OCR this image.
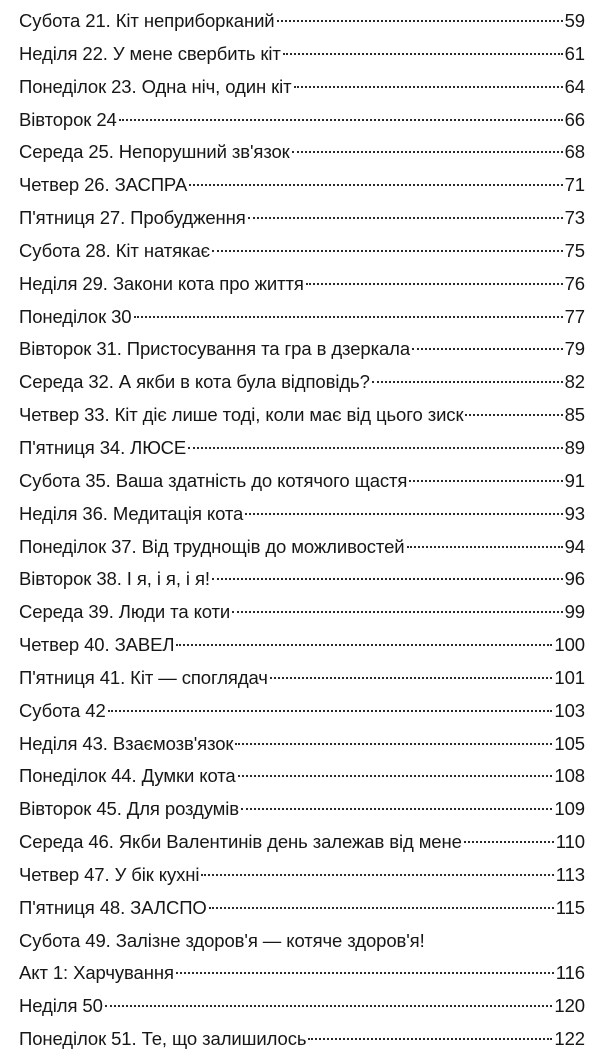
Субота 21. Кіт неприборканий	59
Неділя 22. У мене свербить кіт	61
Понеділок 23. Одна ніч, один кіт	64
Вівторок 24	66
Середа 25. Непорушний зв'язок	68
Четвер 26. ЗАСПРА	71
П'ятниця 27. Пробудження	73
Субота 28. Кіт натякає	75
Неділя 29. Закони кота про життя	76
Понеділок 30	77
Вівторок 31. Пристосування та гра в дзеркала	79
Середа 32. А якби в кота була відповідь?	82
Четвер 33. Кіт діє лише тоді, коли має від цього зиск	85
П'ятниця 34. ЛЮСЕ	89
Субота 35. Ваша здатність до котячого щастя	91
Неділя 36. Медитація кота	93
Понеділок 37. Від труднощів до можливостей	94
Вівторок 38. І я, і я, і я!	96
Середа 39. Люди та коти	99
Четвер 40. ЗАВЕЛ	100
П'ятниця 41. Кіт — споглядач	101
Субота 42	103
Неділя 43. Взаємозв'язок	105
Понеділок 44. Думки кота	108
Вівторок 45. Для роздумів	109
Середа 46. Якби Валентинів день залежав від мене	110
Четвер 47. У бік кухні	113
П'ятниця 48. ЗАЛСПО	115
Субота 49. Залізне здоров'я — котяче здоров'я!
Акт 1: Харчування	116
Неділя 50	120
Понеділок 51. Те, що залишилось	122
